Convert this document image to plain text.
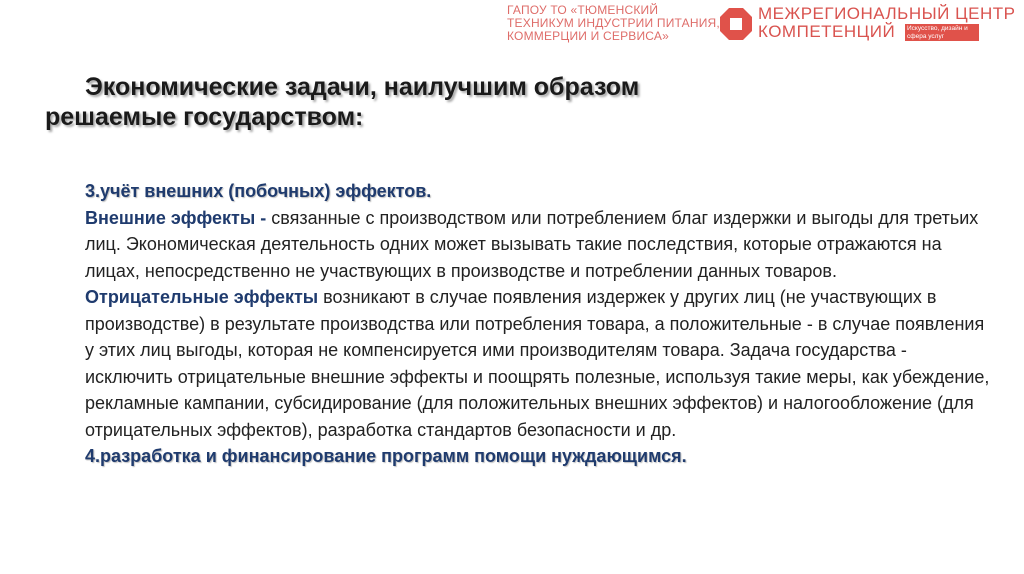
ГАПОУ ТО «ТЮМЕНСКИЙ
ТЕХНИКУМ ИНДУСТРИИ ПИТАНИЯ,
КОММЕРЦИИ И СЕРВИСА»
МЕЖРЕГИОНАЛЬНЫЙ ЦЕНТР
КОМПЕТЕНЦИЙ	Искусство, дизайн и сфера услуг
Экономические задачи, наилучшим образом
решаемые государством:

3.учёт внешних (побочных) эффектов.

Внешние эффекты - связанные с производством или потреблением благ издержки и выгоды для третьих лиц. Экономическая деятельность одних может вызывать такие последствия, которые отражаются на лицах, непосредственно не участвующих в производстве и потреблении данных товаров.

Отрицательные эффекты возникают в случае появления издержек у других лиц (не участвующих в производстве) в результате производства или потребления товара, а положительные - в случае появления у этих лиц выгоды, которая не компенсируется ими производителям товара. Задача государства - исключить отрицательные внешние эффекты и поощрять полезные, используя такие меры, как убеждение, рекламные кампании, субсидирование (для положительных внешних эффектов) и налогообложение (для отрицательных эффектов), разработка стандартов безопасности и др.

4.разработка и финансирование программ помощи нуждающимся.
